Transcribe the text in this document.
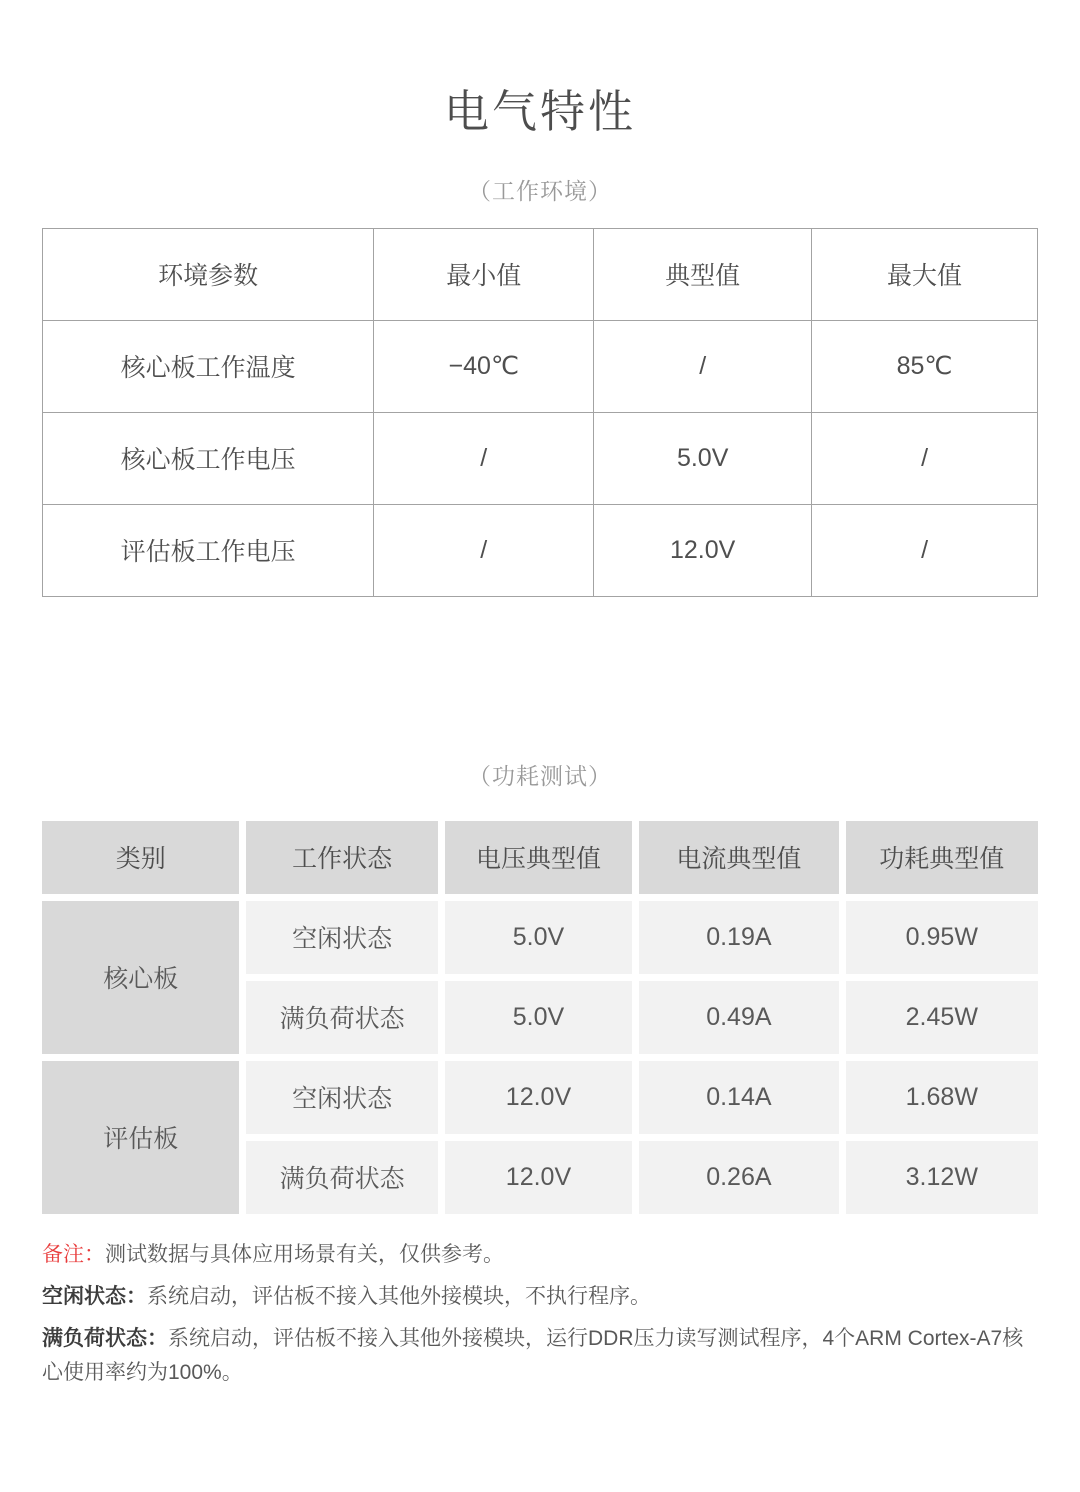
电气特性
（工作环境）
环境参数	最小值	典型值	最大值
核心板工作温度	−40℃	/	85℃
核心板工作电压	/	5.0V	/
评估板工作电压	/	12.0V	/
（功耗测试）
类别	工作状态	电压典型值	电流典型值	功耗典型值
核心板
空闲状态	5.0V	0.19A	0.95W
满负荷状态	5.0V	0.49A	2.45W
评估板
空闲状态	12.0V	0.14A	1.68W
满负荷状态	12.0V	0.26A	3.12W

备注：测试数据与具体应用场景有关，仅供参考。

空闲状态：系统启动，评估板不接入其他外接模块，不执行程序。

满负荷状态：系统启动，评估板不接入其他外接模块，运行DDR压力读写测试程序，4个ARM Cortex-A7核心使用率约为100%。
